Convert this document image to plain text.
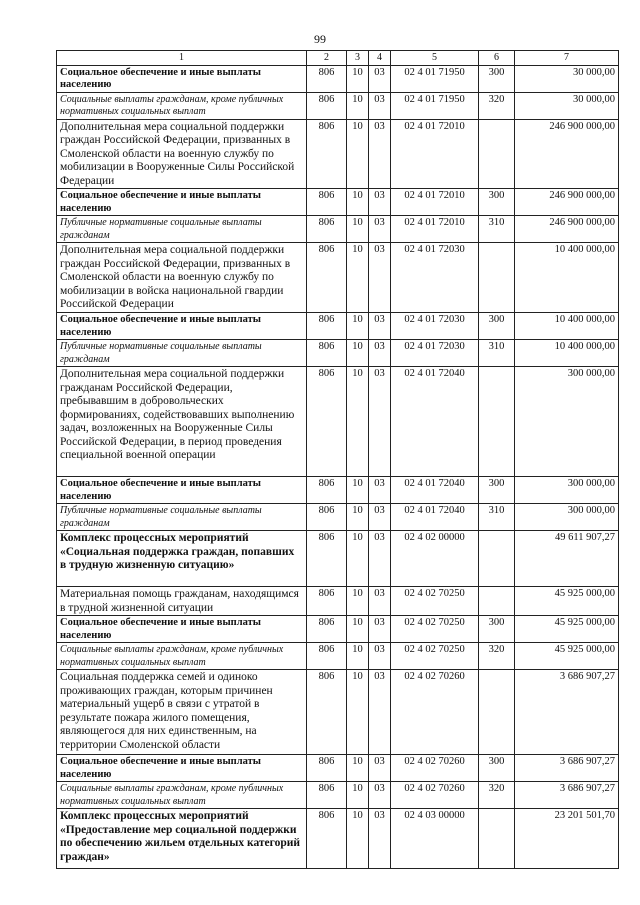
99
1	2	3	4	5	6	7
Социальное обеспечение и иные выплаты населению	806	10	03	02 4 01 71950	300	30 000,00
Социальные выплаты гражданам, кроме публичных нормативных социальных выплат	806	10	03	02 4 01 71950	320	30 000,00
Дополнительная мера социальной поддержки граждан Российской Федерации, призванных в Смоленской области на военную службу по мобилизации в Вооруженные Силы Российской Федерации	806	10	03	02 4 01 72010		246 900 000,00
Социальное обеспечение и иные выплаты населению	806	10	03	02 4 01 72010	300	246 900 000,00
Публичные нормативные социальные выплаты гражданам	806	10	03	02 4 01 72010	310	246 900 000,00
Дополнительная мера социальной поддержки граждан Российской Федерации, призванных в Смоленской области на военную службу по мобилизации в войска национальной гвардии Российской Федерации	806	10	03	02 4 01 72030		10 400 000,00
Социальное обеспечение и иные выплаты населению	806	10	03	02 4 01 72030	300	10 400 000,00
Публичные нормативные социальные выплаты гражданам	806	10	03	02 4 01 72030	310	10 400 000,00
Дополнительная мера социальной поддержки гражданам Российской Федерации, пребывавшим в добровольческих формированиях, содействовавших выполнению задач, возложенных на Вооруженные Силы Российской Федерации, в период проведения специальной военной операции	806	10	03	02 4 01 72040		300 000,00
Социальное обеспечение и иные выплаты населению	806	10	03	02 4 01 72040	300	300 000,00
Публичные нормативные социальные выплаты гражданам	806	10	03	02 4 01 72040	310	300 000,00
Комплекс процессных мероприятий «Социальная поддержка граждан, попавших в трудную жизненную ситуацию»	806	10	03	02 4 02 00000		49 611 907,27
Материальная помощь гражданам, находящимся в трудной жизненной ситуации	806	10	03	02 4 02 70250		45 925 000,00
Социальное обеспечение и иные выплаты населению	806	10	03	02 4 02 70250	300	45 925 000,00
Социальные выплаты гражданам, кроме публичных нормативных социальных выплат	806	10	03	02 4 02 70250	320	45 925 000,00
Социальная поддержка семей и одиноко проживающих граждан, которым причинен материальный ущерб в связи с утратой в результате пожара жилого помещения, являющегося для них единственным, на территории Смоленской области	806	10	03	02 4 02 70260		3 686 907,27
Социальное обеспечение и иные выплаты населению	806	10	03	02 4 02 70260	300	3 686 907,27
Социальные выплаты гражданам, кроме публичных нормативных социальных выплат	806	10	03	02 4 02 70260	320	3 686 907,27
Комплекс процессных мероприятий «Предоставление мер социальной поддержки по обеспечению жильем отдельных категорий граждан»	806	10	03	02 4 03 00000		23 201 501,70
